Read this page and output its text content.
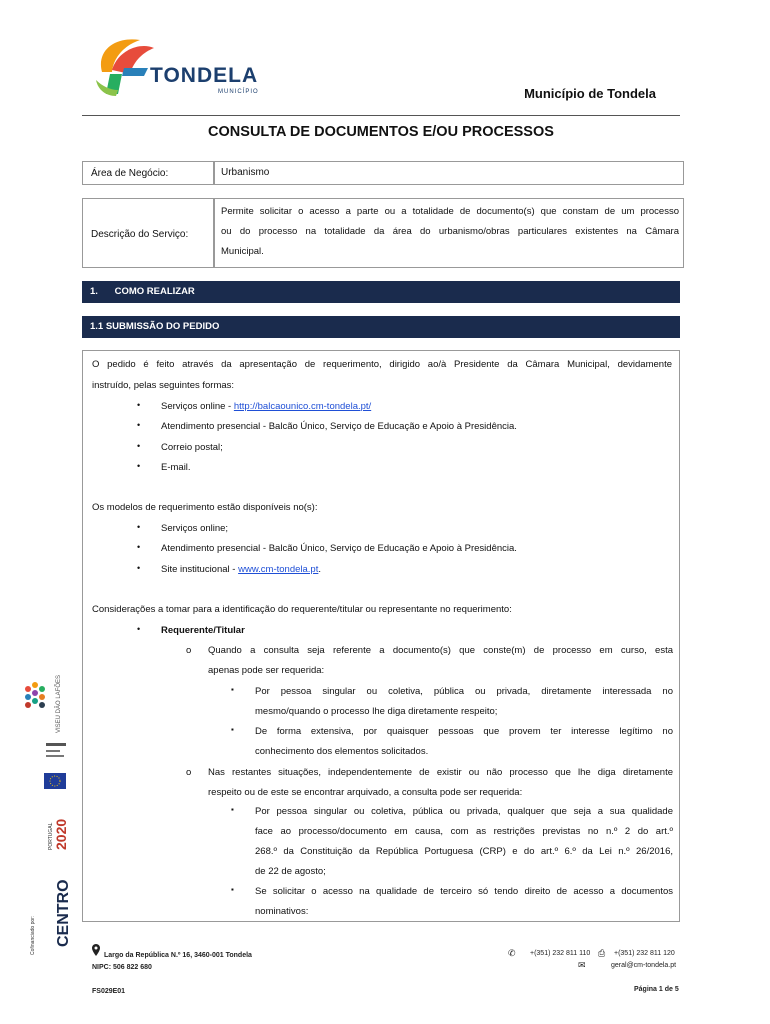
TONDELA
MUNICÍPIO	Município de Tondela
CONSULTA DE DOCUMENTOS E/OU PROCESSOS
Área de Negócio:	Urbanismo
Descrição do Serviço:
Permite solicitar o acesso a parte ou a totalidade de documento(s) que constam de um processo
ou do processo na totalidade da área do urbanismo/obras particulares existentes na Câmara
Municipal.
1. COMO REALIZAR
1.1 SUBMISSÃO DO PEDIDO
O pedido é feito através da apresentação de requerimento, dirigido ao/à Presidente da Câmara Municipal, devidamente
instruído, pelas seguintes formas:
• Serviços online - http://balcaounico.cm-tondela.pt/
• Atendimento presencial - Balcão Único, Serviço de Educação e Apoio à Presidência.
• Correio postal;
• E-mail.
Os modelos de requerimento estão disponíveis no(s):
• Serviços online;
• Atendimento presencial - Balcão Único, Serviço de Educação e Apoio à Presidência.
• Site institucional - www.cm-tondela.pt.
Considerações a tomar para a identificação do requerente/titular ou representante no requerimento:
• Requerente/Titular
o Quando a consulta seja referente a documento(s) que conste(m) de processo em curso, esta
apenas pode ser requerida:
▪ Por pessoa singular ou coletiva, pública ou privada, diretamente interessada no
mesmo/quando o processo lhe diga diretamente respeito;
▪ De forma extensiva, por quaisquer pessoas que provem ter interesse legítimo no
conhecimento dos elementos solicitados.
o Nas restantes situações, independentemente de existir ou não processo que lhe diga diretamente
respeito ou de este se encontrar arquivado, a consulta pode ser requerida:
▪ Por pessoa singular ou coletiva, pública ou privada, qualquer que seja a sua qualidade
face ao processo/documento em causa, com as restrições previstas no n.º 2 do art.º
268.º da Constituição da República Portuguesa (CRP) e do art.º 6.º da Lei n.º 26/2016,
de 22 de agosto;
▪ Se solicitar o acesso na qualidade de terceiro só tendo direito de acesso a documentos
nominativos:
VISEU DÃO LAFÕES
2020
PORTUGAL
CENTRO
Cofinanciado por:
Largo da República N.º 16, 3460-001 Tondela
NIPC: 506 822 680
✆ +(351) 232 811 110 ⎙ +(351) 232 811 120
✉	geral@cm-tondela.pt
FS029E01	Página 1 de 5
